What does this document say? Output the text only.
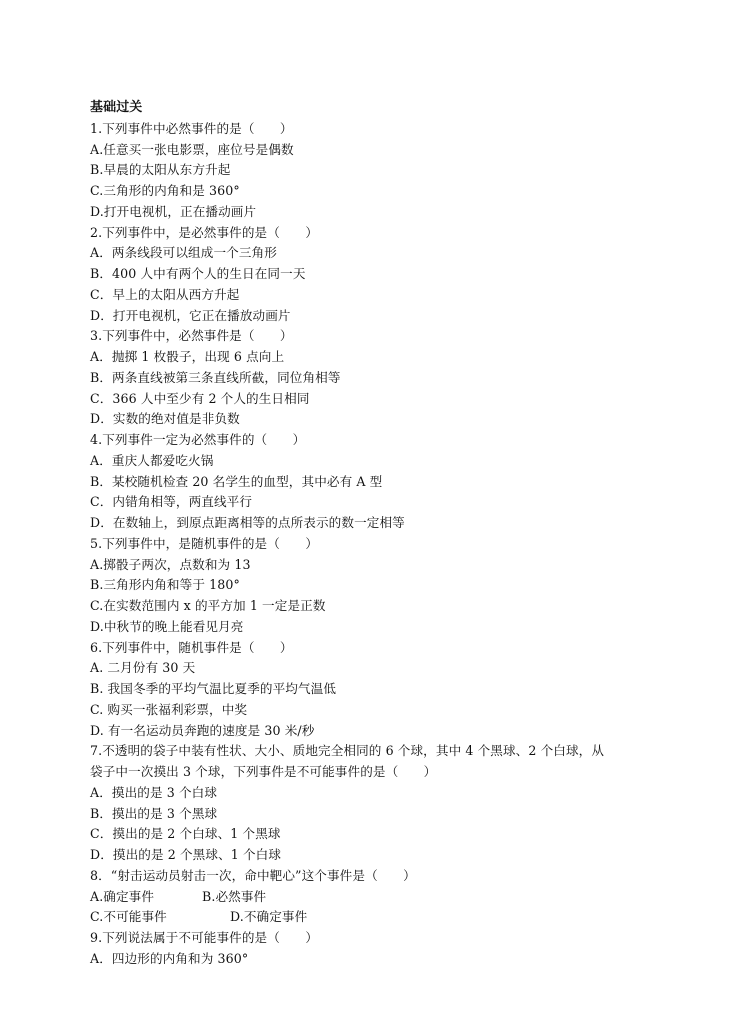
基础过关
1.下列事件中必然事件的是（　　）
A.任意买一张电影票，座位号是偶数
B.早晨的太阳从东方升起
C.三角形的内角和是 360°
D.打开电视机，正在播动画片
2.下列事件中，是必然事件的是（　　）
A．两条线段可以组成一个三角形
B．400 人中有两个人的生日在同一天
C．早上的太阳从西方升起
D．打开电视机，它正在播放动画片
3.下列事件中，必然事件是（　　）
A．抛掷 1 枚骰子，出现 6 点向上
B．两条直线被第三条直线所截，同位角相等
C．366 人中至少有 2 个人的生日相同
D．实数的绝对值是非负数
4.下列事件一定为必然事件的（　　）
A．重庆人都爱吃火锅
B．某校随机检查 20 名学生的血型，其中必有 A 型
C．内错角相等，两直线平行
D．在数轴上，到原点距离相等的点所表示的数一定相等
5.下列事件中，是随机事件的是（　　）
A.掷骰子两次，点数和为 13
B.三角形内角和等于 180°
C.在实数范围内 x 的平方加 1 一定是正数
D.中秋节的晚上能看见月亮
6.下列事件中，随机事件是（　　）
A. 二月份有 30 天
B. 我国冬季的平均气温比夏季的平均气温低
C. 购买一张福利彩票，中奖
D. 有一名运动员奔跑的速度是 30 米/秒
7.不透明的袋子中装有性状、大小、质地完全相同的 6 个球，其中 4 个黑球、2 个白球，从
袋子中一次摸出 3 个球，下列事件是不可能事件的是（　　）
A．摸出的是 3 个白球
B．摸出的是 3 个黑球
C．摸出的是 2 个白球、1 个黑球
D．摸出的是 2 个黑球、1 个白球
8．“射击运动员射击一次，命中靶心”这个事件是（　　）
A.确定事件	B.必然事件
C.不可能事件	D.不确定事件
9.下列说法属于不可能事件的是（　　）
A．四边形的内角和为 360°
